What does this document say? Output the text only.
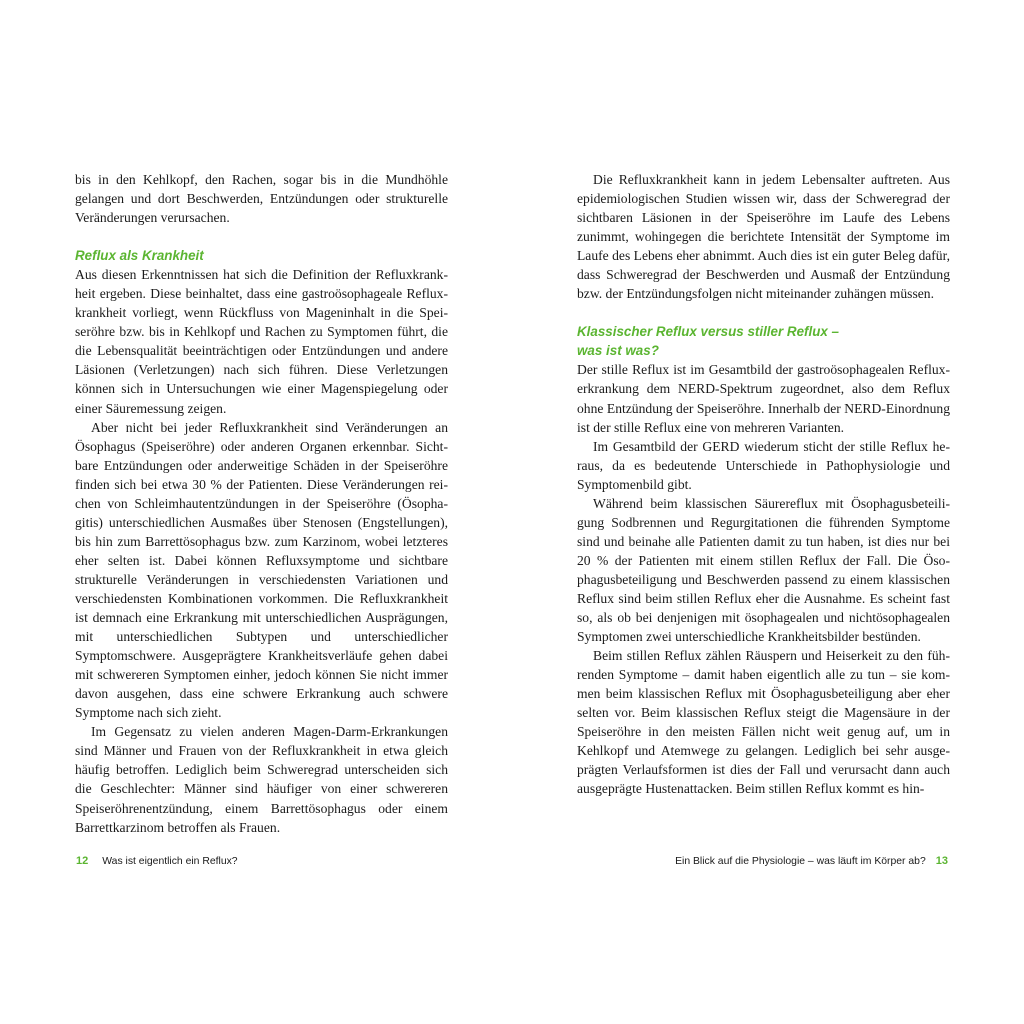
bis in den Kehlkopf, den Rachen, sogar bis in die Mundhöhle gelangen und dort Beschwerden, Entzündungen oder strukturelle Veränderungen verursachen.

Reflux als Krankheit

Aus diesen Erkenntnissen hat sich die Definition der Refluxkrankheit ergeben. Diese beinhaltet, dass eine gastroösophageale Refluxkrankheit vorliegt, wenn Rückfluss von Mageninhalt in die Speiseröhre bzw. bis in Kehlkopf und Rachen zu Symptomen führt, die die Lebensqualität beeinträchtigen oder Entzündungen und andere Läsionen (Verletzungen) nach sich führen. Diese Verletzungen können sich in Untersuchungen wie einer Magenspiegelung oder einer Säuremessung zeigen.

Aber nicht bei jeder Refluxkrankheit sind Veränderungen an Ösophagus (Speiseröhre) oder anderen Organen erkennbar. Sichtbare Entzündungen oder anderweitige Schäden in der Speiseröhre finden sich bei etwa 30 % der Patienten. Diese Veränderungen reichen von Schleimhautentzündungen in der Speiseröhre (Ösophagitis) unterschiedlichen Ausmaßes über Stenosen (Engstellungen), bis hin zum Barrettösophagus bzw. zum Karzinom, wobei letzteres eher selten ist. Dabei können Refluxsymptome und sichtbare strukturelle Veränderungen in verschiedensten Variationen und verschiedensten Kombinationen vorkommen. Die Refluxkrankheit ist demnach eine Erkrankung mit unterschiedlichen Ausprägungen, mit unterschiedlichen Subtypen und unterschiedlicher Symptomschwere. Ausgeprägtere Krankheitsverläufe gehen dabei mit schwereren Symptomen einher, jedoch können Sie nicht immer davon ausgehen, dass eine schwere Erkrankung auch schwere Symptome nach sich zieht.

Im Gegensatz zu vielen anderen Magen-Darm-Erkrankungen sind Männer und Frauen von der Refluxkrankheit in etwa gleich häufig betroffen. Lediglich beim Schweregrad unterscheiden sich die Geschlechter: Männer sind häufiger von einer schwereren Speiseröhrenentzündung, einem Barrettösophagus oder einem Barrettkarzinom betroffen als Frauen.

Die Refluxkrankheit kann in jedem Lebensalter auftreten. Aus epidemiologischen Studien wissen wir, dass der Schweregrad der sichtbaren Läsionen in der Speiseröhre im Laufe des Lebens zunimmt, wohingegen die berichtete Intensität der Symptome im Laufe des Lebens eher abnimmt. Auch dies ist ein guter Beleg dafür, dass Schweregrad der Beschwerden und Ausmaß der Entzündung bzw. der Entzündungsfolgen nicht miteinander zuhängen müssen.

Klassischer Reflux versus stiller Reflux –
was ist was?

Der stille Reflux ist im Gesamtbild der gastroösophagealen Refluxerkrankung dem NERD-Spektrum zugeordnet, also dem Reflux ohne Entzündung der Speiseröhre. Innerhalb der NERD-Einordnung ist der stille Reflux eine von mehreren Varianten.

Im Gesamtbild der GERD wiederum sticht der stille Reflux heraus, da es bedeutende Unterschiede in Pathophysiologie und Symptomenbild gibt.

Während beim klassischen Säurereflux mit Ösophagusbeteiligung Sodbrennen und Regurgitationen die führenden Symptome sind und beinahe alle Patienten damit zu tun haben, ist dies nur bei 20 % der Patienten mit einem stillen Reflux der Fall. Die Ösophagusbeteiligung und Beschwerden passend zu einem klassischen Reflux sind beim stillen Reflux eher die Ausnahme. Es scheint fast so, als ob bei denjenigen mit ösophagealen und nichtösophagealen Symptomen zwei unterschiedliche Krankheitsbilder bestünden.

Beim stillen Reflux zählen Räuspern und Heiserkeit zu den führenden Symptome – damit haben eigentlich alle zu tun – sie kommen beim klassischen Reflux mit Ösophagusbeteiligung aber eher selten vor. Beim klassischen Reflux steigt die Magensäure in der Speiseröhre in den meisten Fällen nicht weit genug auf, um in Kehlkopf und Atemwege zu gelangen. Lediglich bei sehr ausgeprägten Verlaufsformen ist dies der Fall und verursacht dann auch ausgeprägte Hustenattacken. Beim stillen Reflux kommt es hin-

12 Was ist eigentlich ein Reflux?	Ein Blick auf die Physiologie – was läuft im Körper ab? 13
